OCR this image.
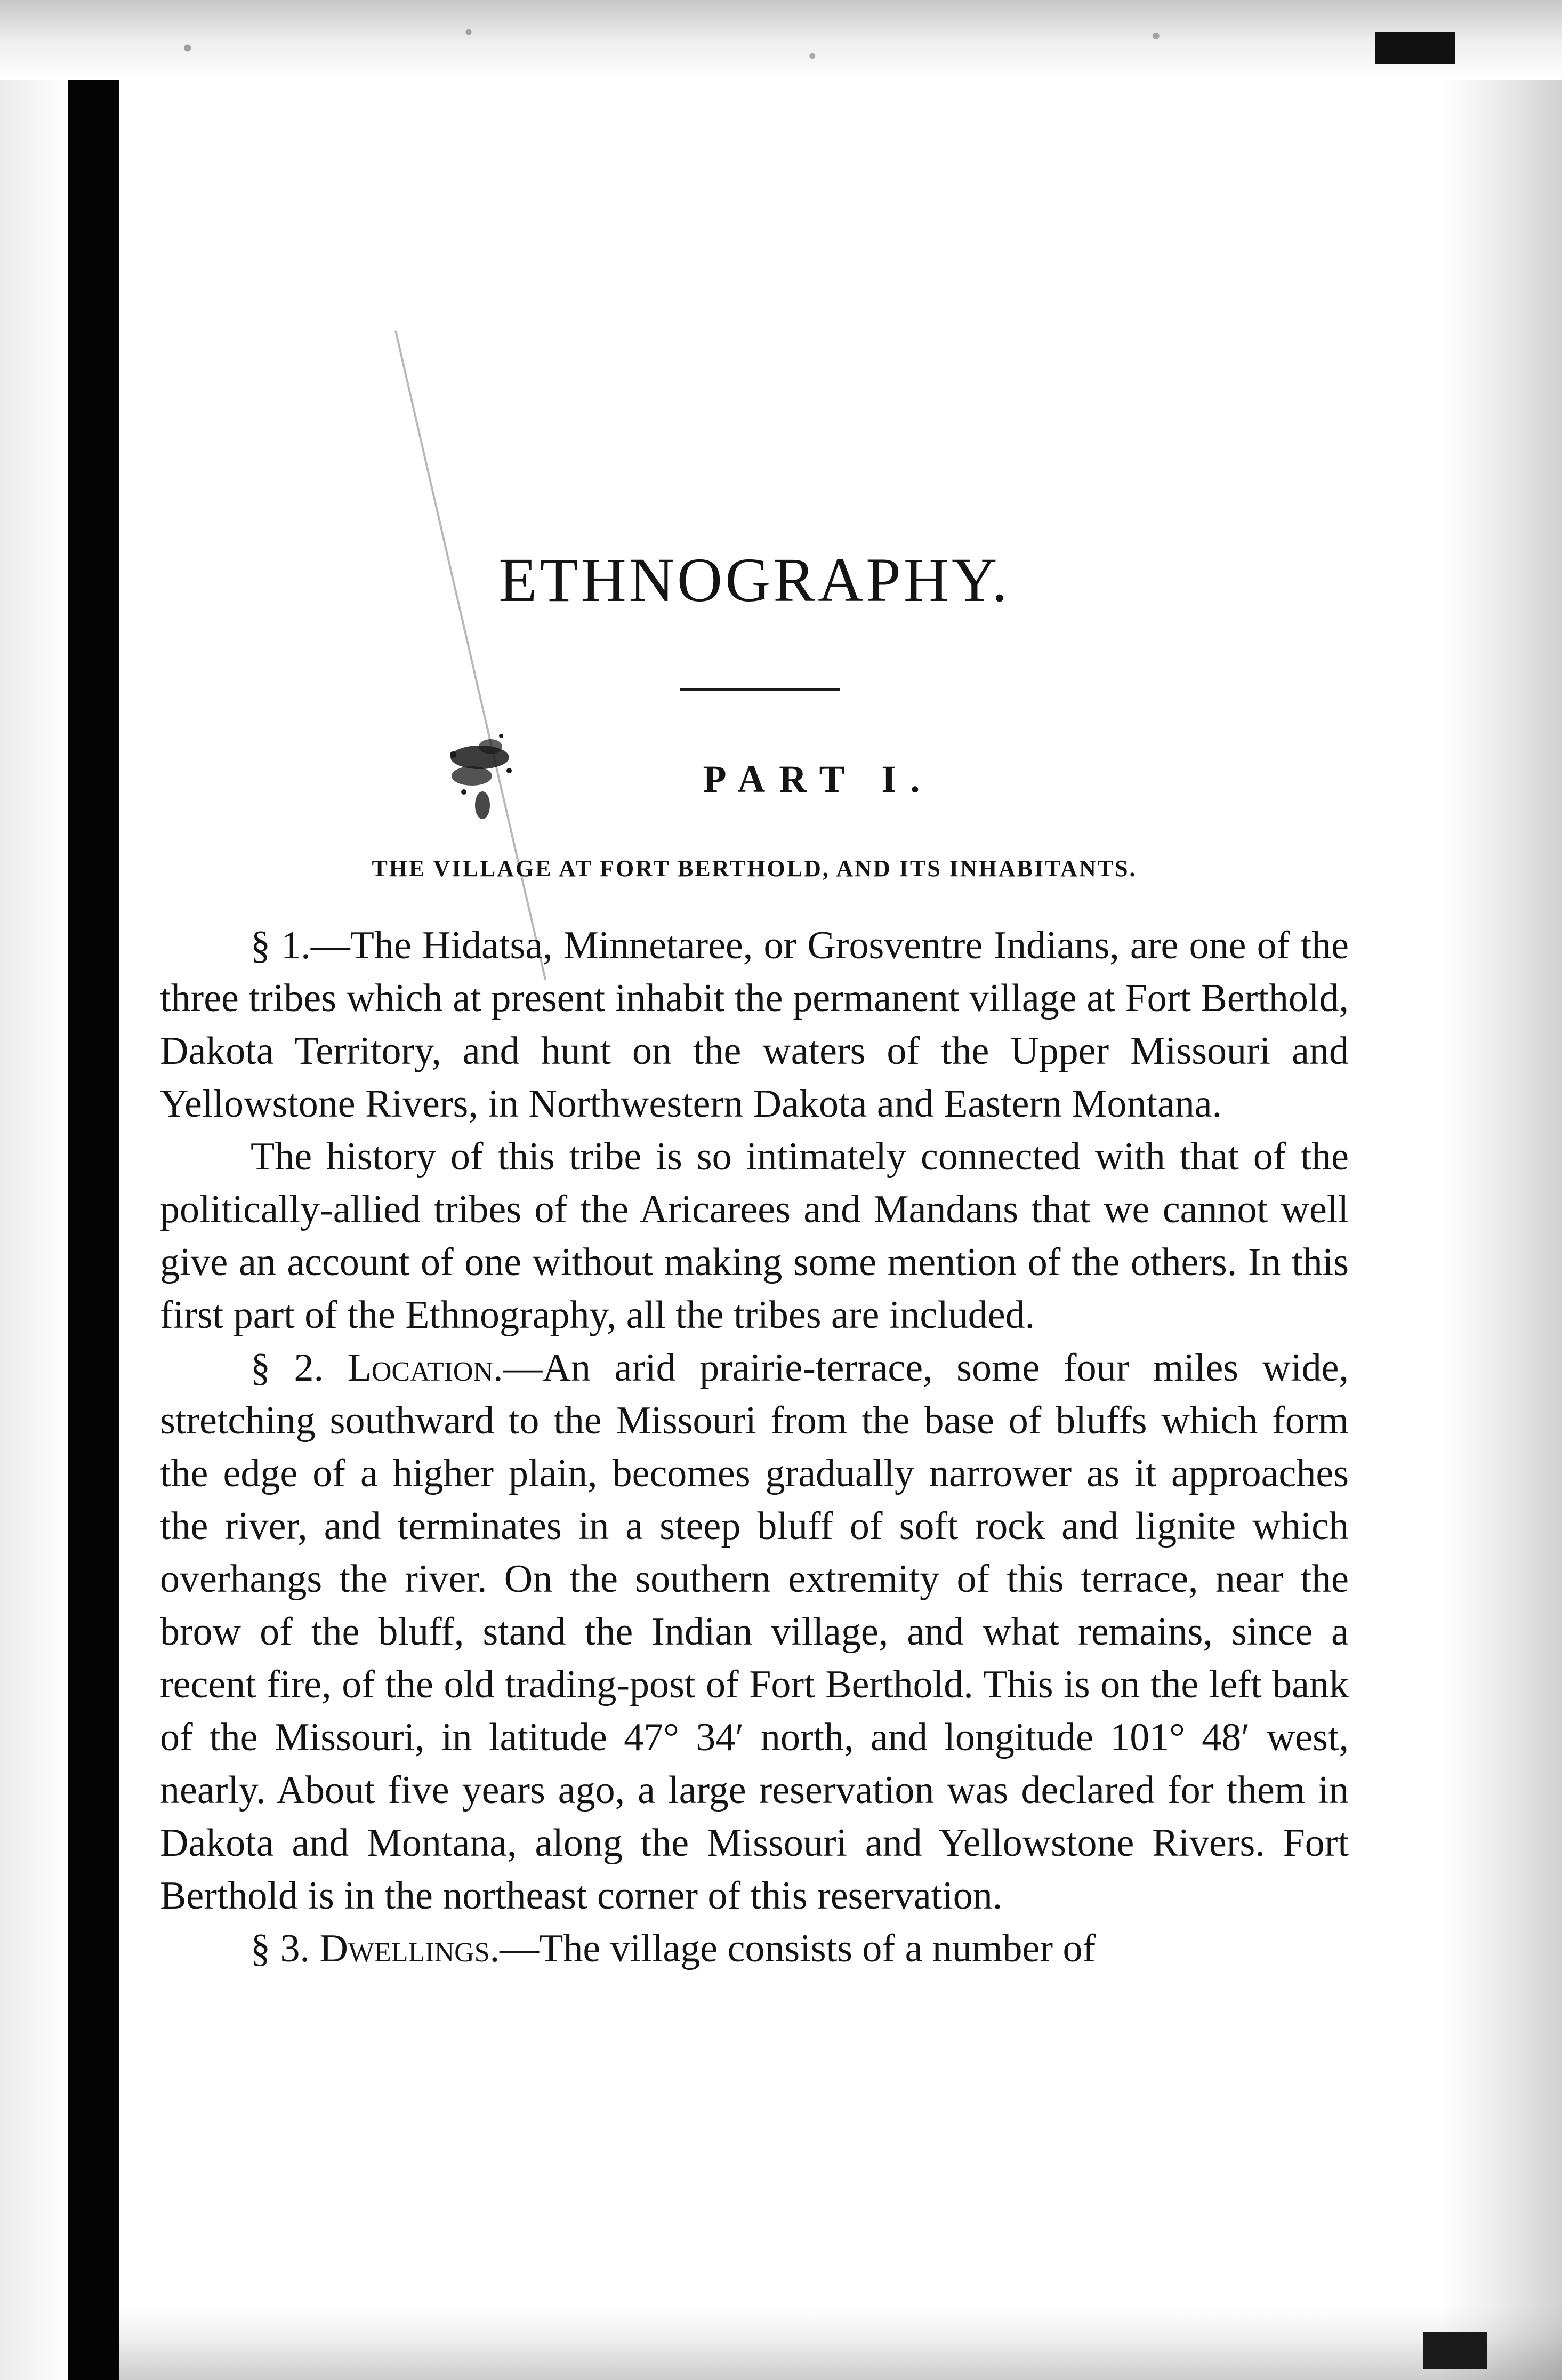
ETHNOGRAPHY.
PART I.
THE VILLAGE AT FORT BERTHOLD, AND ITS INHABITANTS.

§ 1.—The Hidatsa, Minnetaree, or Grosventre Indians, are one of the three tribes which at present inhabit the permanent village at Fort Berthold, Dakota Territory, and hunt on the waters of the Upper Missouri and Yellowstone Rivers, in Northwestern Dakota and Eastern Montana.

The history of this tribe is so intimately connected with that of the politically-allied tribes of the Aricarees and Mandans that we cannot well give an account of one without making some mention of the others. In this first part of the Ethnography, all the tribes are included.

§ 2. Location.—An arid prairie-terrace, some four miles wide, stretching southward to the Missouri from the base of bluffs which form the edge of a higher plain, becomes gradually narrower as it approaches the river, and terminates in a steep bluff of soft rock and lignite which overhangs the river. On the southern extremity of this terrace, near the brow of the bluff, stand the Indian village, and what remains, since a recent fire, of the old trading-post of Fort Berthold. This is on the left bank of the Missouri, in latitude 47° 34′ north, and longitude 101° 48′ west, nearly. About five years ago, a large reservation was declared for them in Dakota and Montana, along the Missouri and Yellowstone Rivers. Fort Berthold is in the northeast corner of this reservation.

§ 3. Dwellings.—The village consists of a number of
